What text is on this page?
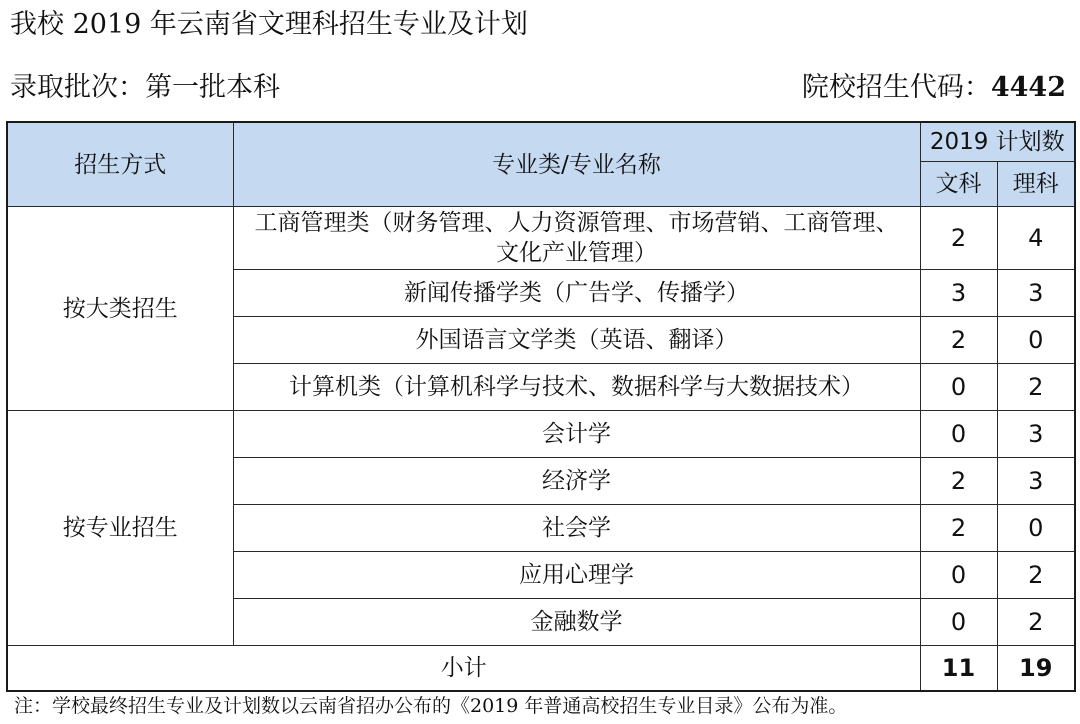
我校 2019 年云南省文理科招生专业及计划
录取批次：第一批本科	院校招生代码：4442
招生方式	专业类/专业名称	2019 计划数	
		文科	理科
按大类招生	工商管理类（财务管理、人力资源管理、市场营销、工商管理、文化产业管理）	2	4
	新闻传播学类（广告学、传播学）	3	3
	外国语言文学类（英语、翻译）	2	0
	计算机类（计算机科学与技术、数据科学与大数据技术）	0	2
按专业招生	会计学	0	3
	经济学	2	3
	社会学	2	0
	应用心理学	0	2
	金融数学	0	2
小计		11	19
注：学校最终招生专业及计划数以云南省招办公布的《2019 年普通高校招生专业目录》公布为准。
